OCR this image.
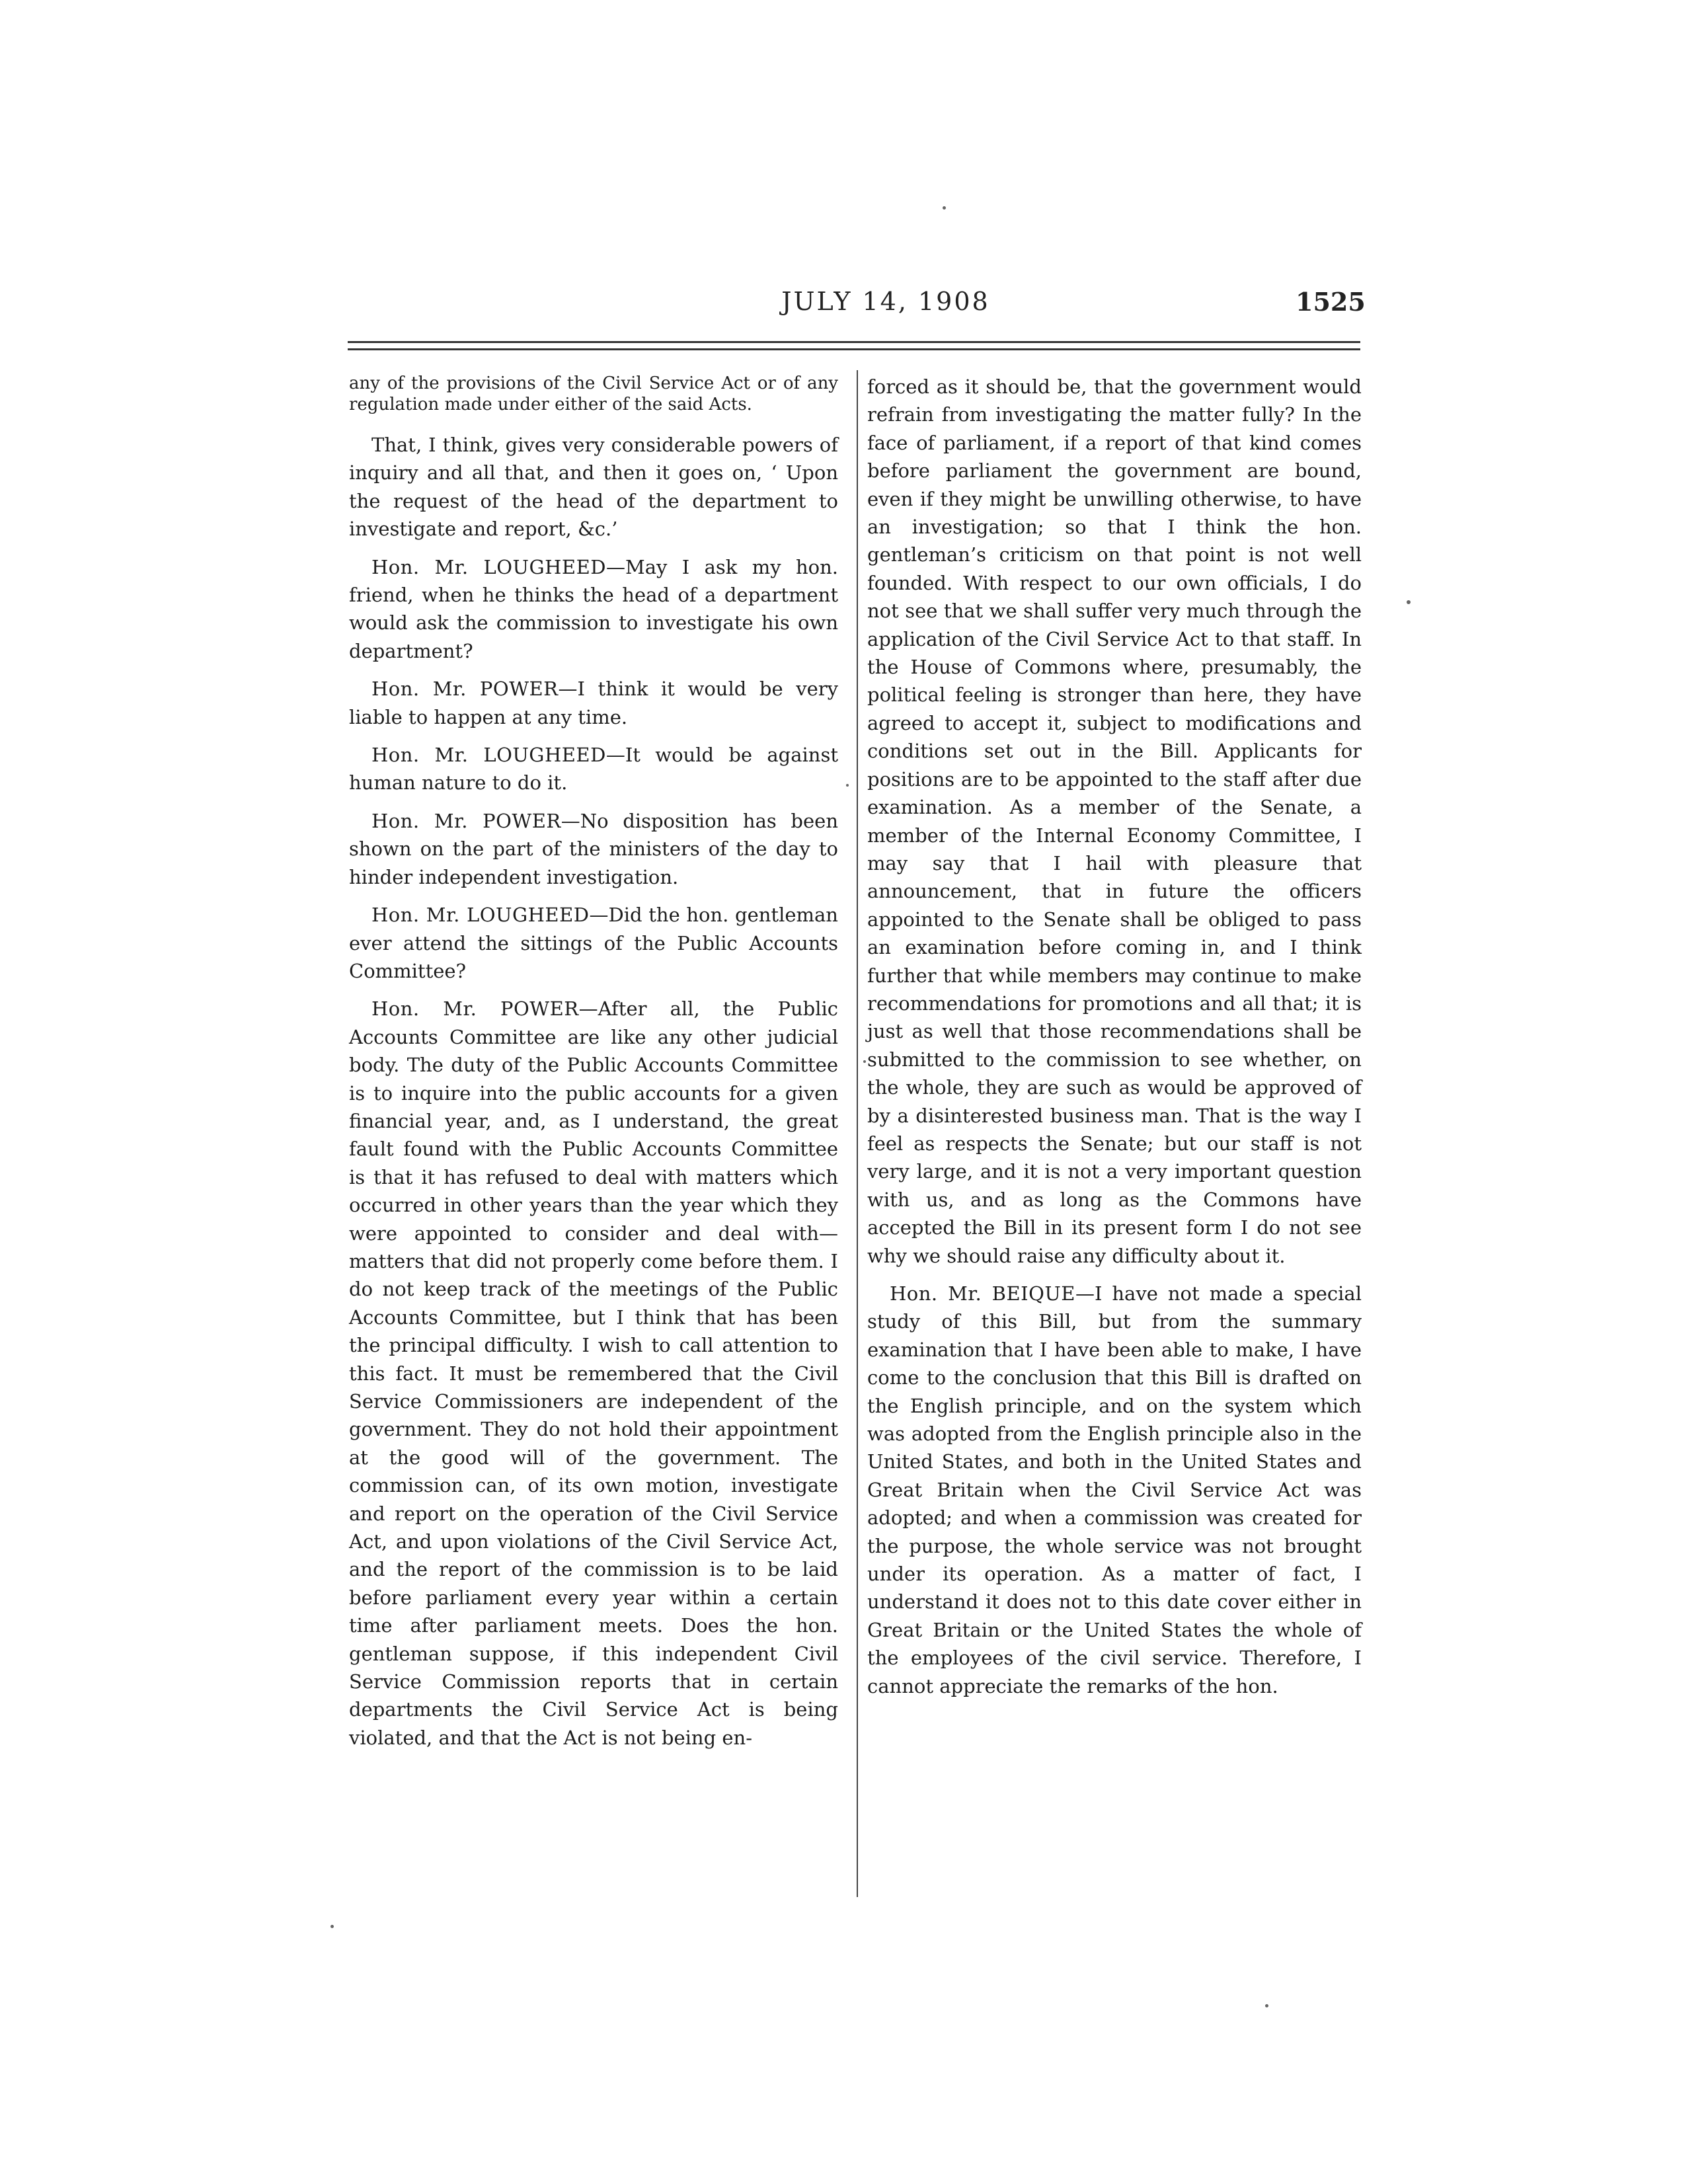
JULY 14, 1908	1525

any of the provisions of the Civil Service Act or of any regulation made under either of the said Acts.

That, I think, gives very considerable powers of inquiry and all that, and then it goes on, ‘ Upon the request of the head of the department to investigate and report, &c.’

Hon. Mr. LOUGHEED—May I ask my hon. friend, when he thinks the head of a department would ask the commission to investigate his own department?

Hon. Mr. POWER—I think it would be very liable to happen at any time.

Hon. Mr. LOUGHEED—It would be against human nature to do it.

Hon. Mr. POWER—No disposition has been shown on the part of the ministers of the day to hinder independent investigation.

Hon. Mr. LOUGHEED—Did the hon. gentleman ever attend the sittings of the Public Accounts Committee?

Hon. Mr. POWER—After all, the Public Accounts Committee are like any other judicial body. The duty of the Public Accounts Committee is to inquire into the public accounts for a given financial year, and, as I understand, the great fault found with the Public Accounts Committee is that it has refused to deal with matters which occurred in other years than the year which they were appointed to consider and deal with—matters that did not properly come before them. I do not keep track of the meetings of the Public Accounts Committee, but I think that has been the principal difficulty. I wish to call attention to this fact. It must be remembered that the Civil Service Commissioners are independent of the government. They do not hold their appointment at the good will of the government. The commission can, of its own motion, investigate and report on the operation of the Civil Service Act, and upon violations of the Civil Service Act, and the report of the commission is to be laid before parliament every year within a certain time after parliament meets. Does the hon. gentleman suppose, if this independent Civil Service Commission reports that in certain departments the Civil Service Act is being violated, and that the Act is not being en-

forced as it should be, that the government would refrain from investigating the matter fully? In the face of parliament, if a report of that kind comes before parliament the government are bound, even if they might be unwilling otherwise, to have an investigation; so that I think the hon. gentleman’s criticism on that point is not well founded. With respect to our own officials, I do not see that we shall suffer very much through the application of the Civil Service Act to that staff. In the House of Commons where, presumably, the political feeling is stronger than here, they have agreed to accept it, subject to modifications and conditions set out in the Bill. Applicants for positions are to be appointed to the staff after due examination. As a member of the Senate, a member of the Internal Economy Committee, I may say that I hail with pleasure that announcement, that in future the officers appointed to the Senate shall be obliged to pass an examination before coming in, and I think further that while members may continue to make recommendations for promotions and all that; it is just as well that those recommendations shall be submitted to the commission to see whether, on the whole, they are such as would be approved of by a disinterested business man. That is the way I feel as respects the Senate; but our staff is not very large, and it is not a very important question with us, and as long as the Commons have accepted the Bill in its present form I do not see why we should raise any difficulty about it.

Hon. Mr. BEIQUE—I have not made a special study of this Bill, but from the summary examination that I have been able to make, I have come to the conclusion that this Bill is drafted on the English principle, and on the system which was adopted from the English principle also in the United States, and both in the United States and Great Britain when the Civil Service Act was adopted; and when a commission was created for the purpose, the whole service was not brought under its operation. As a matter of fact, I understand it does not to this date cover either in Great Britain or the United States the whole of the employees of the civil service. Therefore, I cannot appreciate the remarks of the hon.
